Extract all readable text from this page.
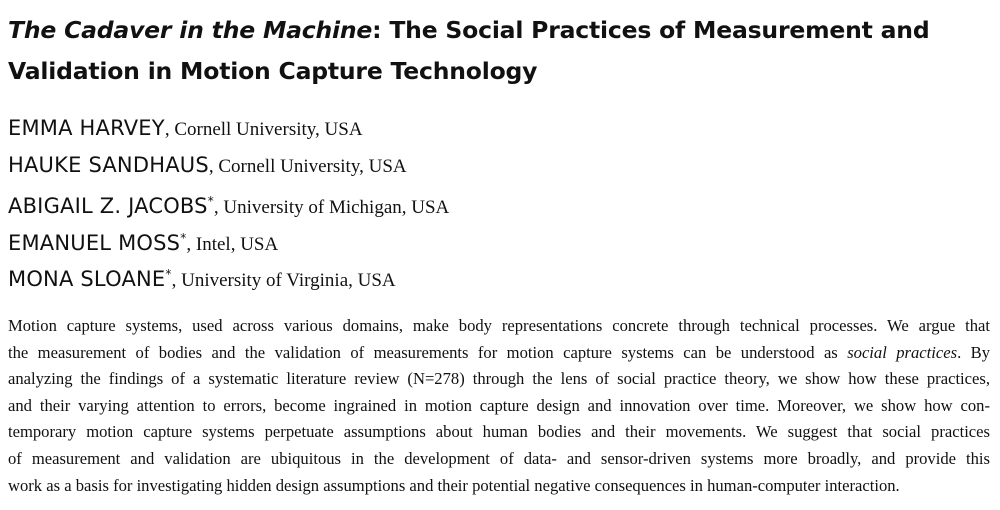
The Cadaver in the Machine: The Social Practices of Measurement and
Validation in Motion Capture Technology
EMMA HARVEY, Cornell University, USA
HAUKE SANDHAUS, Cornell University, USA
ABIGAIL Z. JACOBS*, University of Michigan, USA
EMANUEL MOSS*, Intel, USA
MONA SLOANE*, University of Virginia, USA

Motion capture systems, used across various domains, make body representations concrete through technical processes. We argue that
the measurement of bodies and the validation of measurements for motion capture systems can be understood as social practices. By
analyzing the findings of a systematic literature review (N=278) through the lens of social practice theory, we show how these practices,
and their varying attention to errors, become ingrained in motion capture design and innovation over time. Moreover, we show how con-
temporary motion capture systems perpetuate assumptions about human bodies and their movements. We suggest that social practices
of measurement and validation are ubiquitous in the development of data- and sensor-driven systems more broadly, and provide this
work as a basis for investigating hidden design assumptions and their potential negative consequences in human-computer interaction.
